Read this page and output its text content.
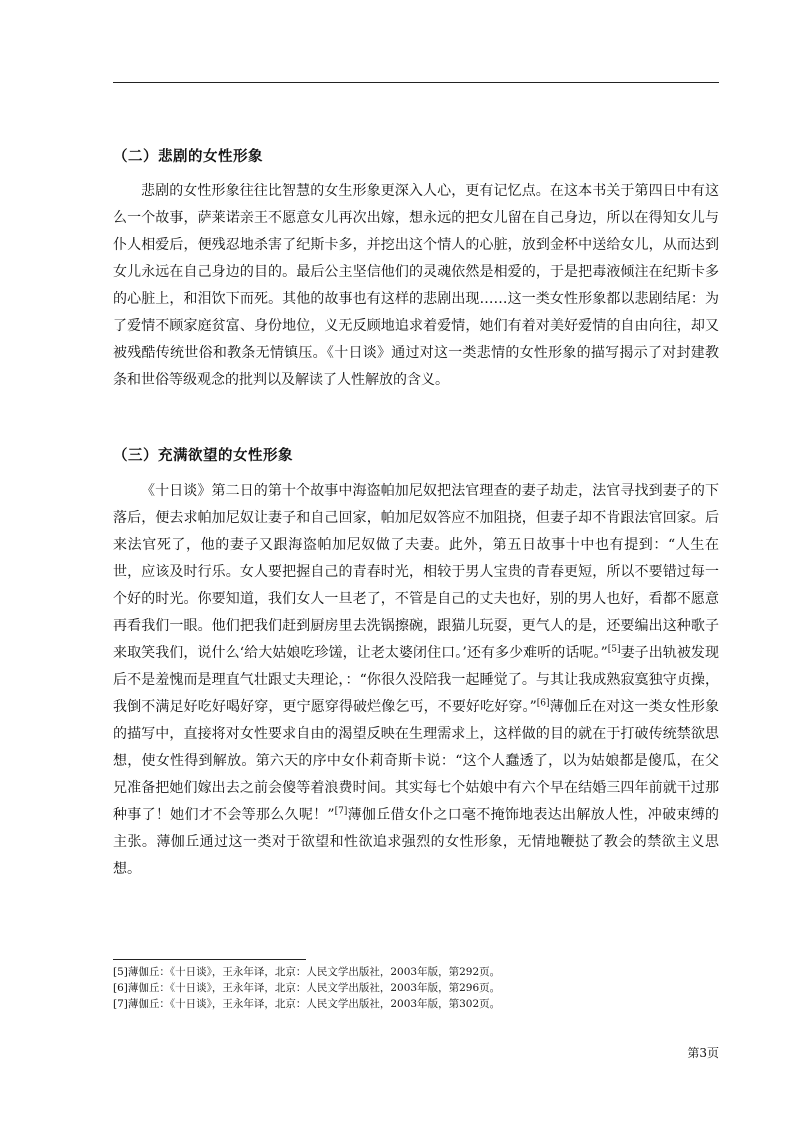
（二）悲剧的女性形象

悲剧的女性形象往往比智慧的女生形象更深入人心，更有记忆点。在这本书关于第四日中有这么一个故事，萨莱诺亲王不愿意女儿再次出嫁，想永远的把女儿留在自己身边，所以在得知女儿与仆人相爱后，便残忍地杀害了纪斯卡多，并挖出这个情人的心脏，放到金杯中送给女儿，从而达到女儿永远在自己身边的目的。最后公主坚信他们的灵魂依然是相爱的，于是把毒液倾注在纪斯卡多的心脏上，和泪饮下而死。其他的故事也有这样的悲剧出现……这一类女性形象都以悲剧结尾：为了爱情不顾家庭贫富、身份地位，义无反顾地追求着爱情，她们有着对美好爱情的自由向往，却又被残酷传统世俗和教条无情镇压。《十日谈》通过对这一类悲情的女性形象的描写揭示了对封建教条和世俗等级观念的批判以及解读了人性解放的含义。

（三）充满欲望的女性形象

《十日谈》第二日的第十个故事中海盗帕加尼奴把法官理查的妻子劫走，法官寻找到妻子的下落后，便去求帕加尼奴让妻子和自己回家，帕加尼奴答应不加阻挠，但妻子却不肯跟法官回家。后来法官死了，他的妻子又跟海盗帕加尼奴做了夫妻。此外，第五日故事十中也有提到：“人生在世，应该及时行乐。女人要把握自己的青春时光，相较于男人宝贵的青春更短，所以不要错过每一个好的时光。你要知道，我们女人一旦老了，不管是自己的丈夫也好，别的男人也好，看都不愿意再看我们一眼。他们把我们赶到厨房里去洗锅擦碗，跟猫儿玩耍，更气人的是，还要编出这种歌子来取笑我们，说什么‘给大姑娘吃珍馐，让老太婆闭住口。’还有多少难听的话呢。”[5]妻子出轨被发现后不是羞愧而是理直气壮跟丈夫理论，：“你很久没陪我一起睡觉了。与其让我成熟寂寞独守贞操，我倒不满足好吃好喝好穿，更宁愿穿得破烂像乞丐，不要好吃好穿。”[6]薄伽丘在对这一类女性形象的描写中，直接将对女性要求自由的渴望反映在生理需求上，这样做的目的就在于打破传统禁欲思想，使女性得到解放。第六天的序中女仆莉奇斯卡说：“这个人蠢透了，以为姑娘都是傻瓜，在父兄准备把她们嫁出去之前会傻等着浪费时间。其实每七个姑娘中有六个早在结婚三四年前就干过那种事了！她们才不会等那么久呢！”[7]薄伽丘借女仆之口毫不掩饰地表达出解放人性，冲破束缚的主张。薄伽丘通过这一类对于欲望和性欲追求强烈的女性形象，无情地鞭挞了教会的禁欲主义思想。

[5]薄伽丘：《十日谈》，王永年译，北京：人民文学出版社，2003年版，第292页。
[6]薄伽丘：《十日谈》，王永年译，北京：人民文学出版社，2003年版，第296页。
[7]薄伽丘：《十日谈》，王永年译，北京：人民文学出版社，2003年版，第302页。
第3页
